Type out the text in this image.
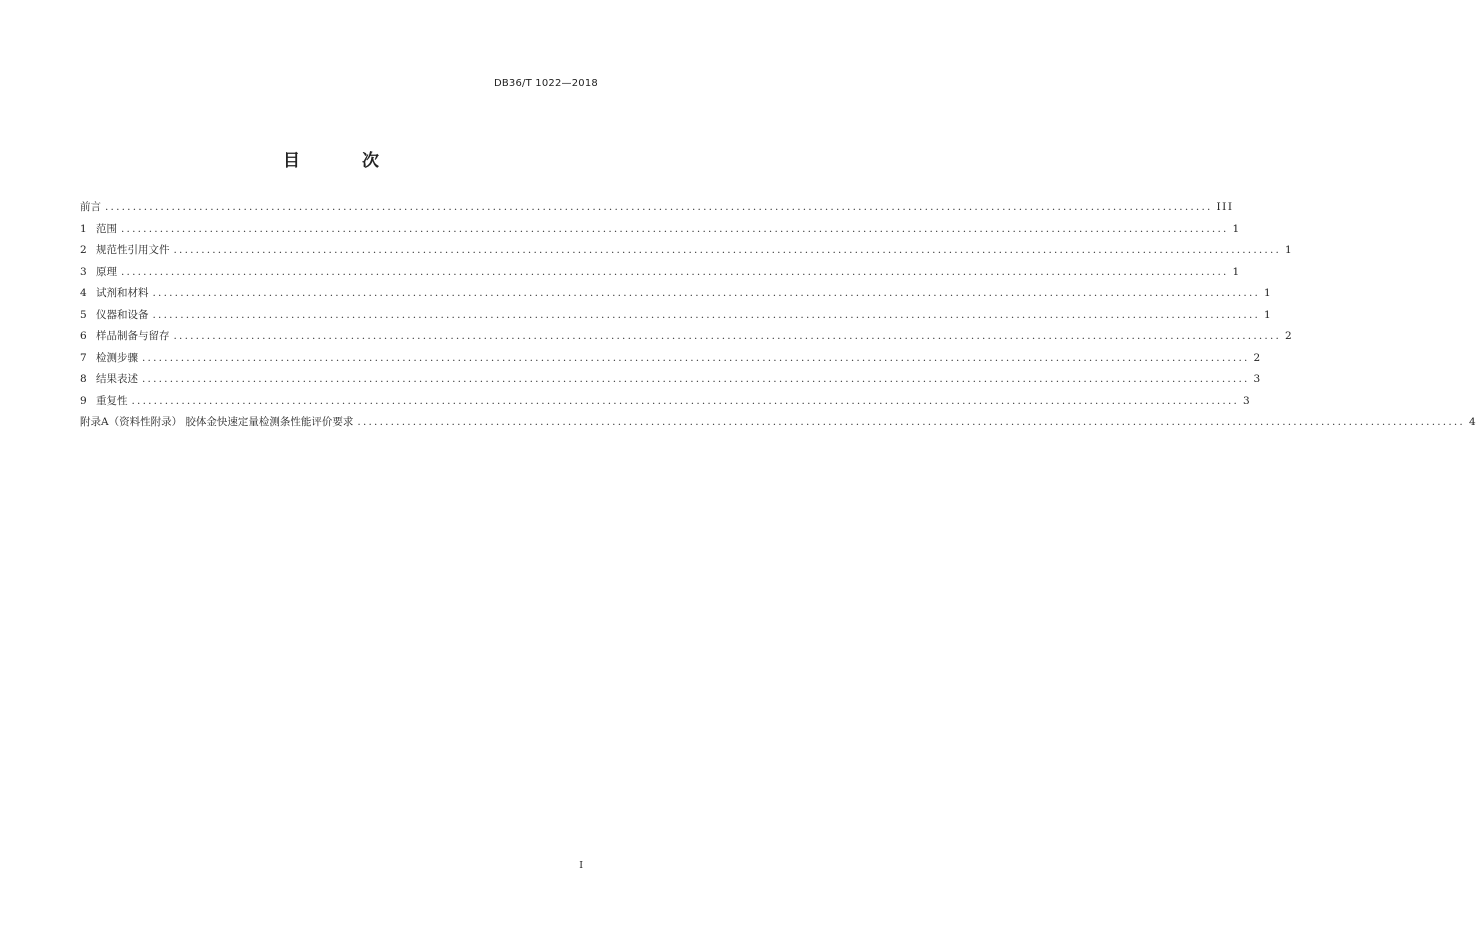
DB36/T 1022—2018
目 次
前言 ........................................................................................................................................................................................................ III
1 范围 ........................................................................................................................................................................................................ 1
2 规范性引用文件 ........................................................................................................................................................................................................ 1
3 原理 ........................................................................................................................................................................................................ 1
4 试剂和材料 ........................................................................................................................................................................................................ 1
5 仪器和设备 ........................................................................................................................................................................................................ 1
6 样品制备与留存 ........................................................................................................................................................................................................ 2
7 检测步骤 ........................................................................................................................................................................................................ 2
8 结果表述 ........................................................................................................................................................................................................ 3
9 重复性 ........................................................................................................................................................................................................ 3
附录A（资料性附录） 胶体金快速定量检测条性能评价要求 ........................................................................................................................................................................................................ 4
I
